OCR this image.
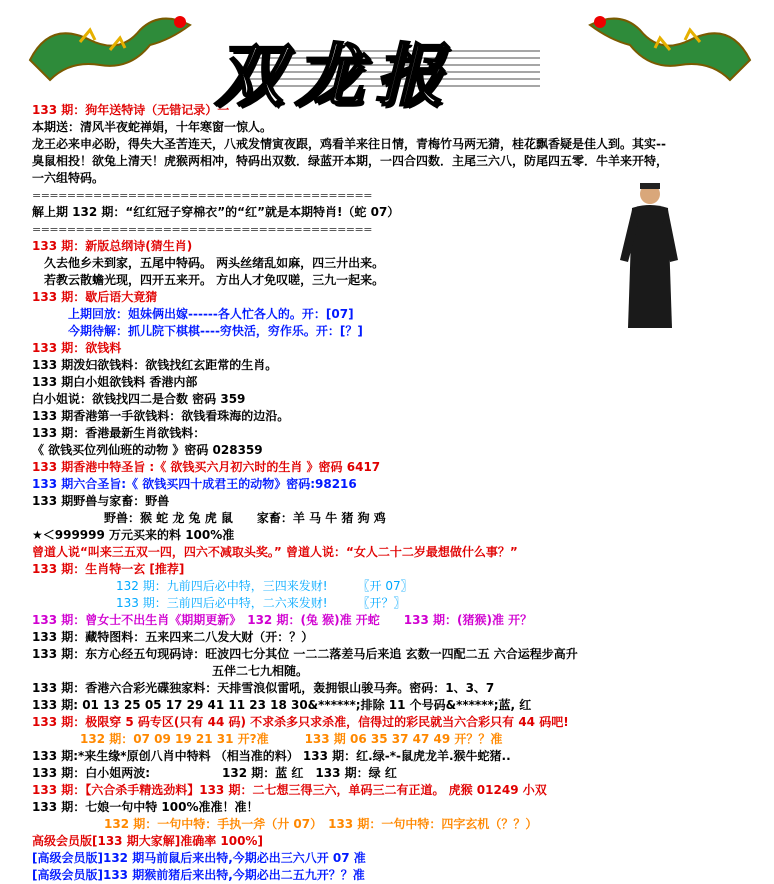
双龙报
133 期：狗年送特诗（无错记录）一
本期送：清风半夜蛇禅娟，十年寒窗一惊人。
龙王必来申必盼，得失大圣苦连天，八戒发情寅夜跟，鸡看羊来往日情，青梅竹马两无猜，桂花飘香疑是佳人到。其实--臭鼠相投！欲兔上清天！虎猴两相冲，特码出双数．绿蓝开本期，一四合四数．主尾三六八，防尾四五零．牛羊来开特，一六组特码。
=======================================
解上期 132 期：“红红冠子穿棉衣”的“红”就是本期特肖!（蛇 07）
=======================================
133 期：新版总纲诗(猜生肖)
　久去他乡未到家，五尾中特码。 两头丝绪乱如麻，四三廾出来。
　若教云散蟾光现，四开五来开。 方出人才免叹嗟，三九一起来。
133 期：歇后语大竟猜
　　　上期回放：姐妹俩出嫁------各人忙各人的。开：[07]
　　　今期待解：抓儿院下棋棋----穷快活，穷作乐。开：[？]
133 期：欲钱料
133 期泼妇欲钱料：欲钱找红玄距常的生肖。
133 期白小姐欲钱料 香港内部
白小姐说：欲钱找四二是合数 密码 359
133 期香港第一手欲钱料：欲钱看珠海的边沿。
133 期：香港最新生肖欲钱料：
《 欲钱买位列仙班的动物 》密码 028359
133 期香港中特圣旨 :《 欲钱买六月初六时的生肖 》密码 6417
133 期六合圣旨:《 欲钱买四十成君王的动物》密码:98216
133 期野兽与家畜：野兽
　　　　　　野兽：猴 蛇 龙 兔 虎 鼠　　家畜：羊 马 牛 猪 狗 鸡
★＜999999 万元买来的料 100%准
曾道人说“叫来三五双一四，四六不减取头奖。” 曾道人说：“女人二十二岁最想做什么事？”
133 期：生肖特一玄 [推荐]
　　　　　　　132 期：九前四后必中特，三四来发财!　　　〖开 07〗
　　　　　　　133 期：三前四后必中特，二六来发财!　　　〖开？〗
133 期：曾女士不出生肖《期期更新》　132 期：(兔 猴)准 开蛇　　133 期：(猪猴)准 开？
133 期：藏特图料：五来四来二八发大财（开：？）
133 期：东方心经五句现码诗：旺波四七分其位 一二二落差马后来追 玄数一四配二五 六合运程步高升
　　　　　　　　　　　　　　　五伴二七九相随。
133 期：香港六合彩光碟独家料：天排雪浪似雷吼，轰拥银山骏马奔。密码：1、3、7
133 期: 01 13 25 05 17 29 41 11 23 18 30&******;排除 11 个号码&******;蓝, 红
133 期：极限穿 5 码专区(只有 44 码) 不求杀多只求杀准，信得过的彩民就当六合彩只有 44 码吧!
　　　　132 期：07 09 19 21 31 开?准　　　133 期 06 35 37 47 49 开？？准
133 期:*来生缘*原创八肖中特料 （相当准的料） 133 期：红.绿-*-鼠虎龙羊.猴牛蛇猪..
133 期：白小姐两波:　　　　　　132 期：蓝 红　133 期：绿 红
133 期：【六合杀手精选劲料】133 期：二七想三得三六，单码三二有正道。 虎猴 01249 小双
133 期：七娘一句中特 100%准准！准！
　　　　　　132 期：一句中特：手执一斧（廾 07）　133 期：一句中特：四字玄机（？？）
高级会员版[133 期大家解]准确率 100%]
[高级会员版]132 期马前鼠后来出特,今期必出三六八开 07 准
[高级会员版]133 期猴前猪后来出特,今期必出二五九开？？准
